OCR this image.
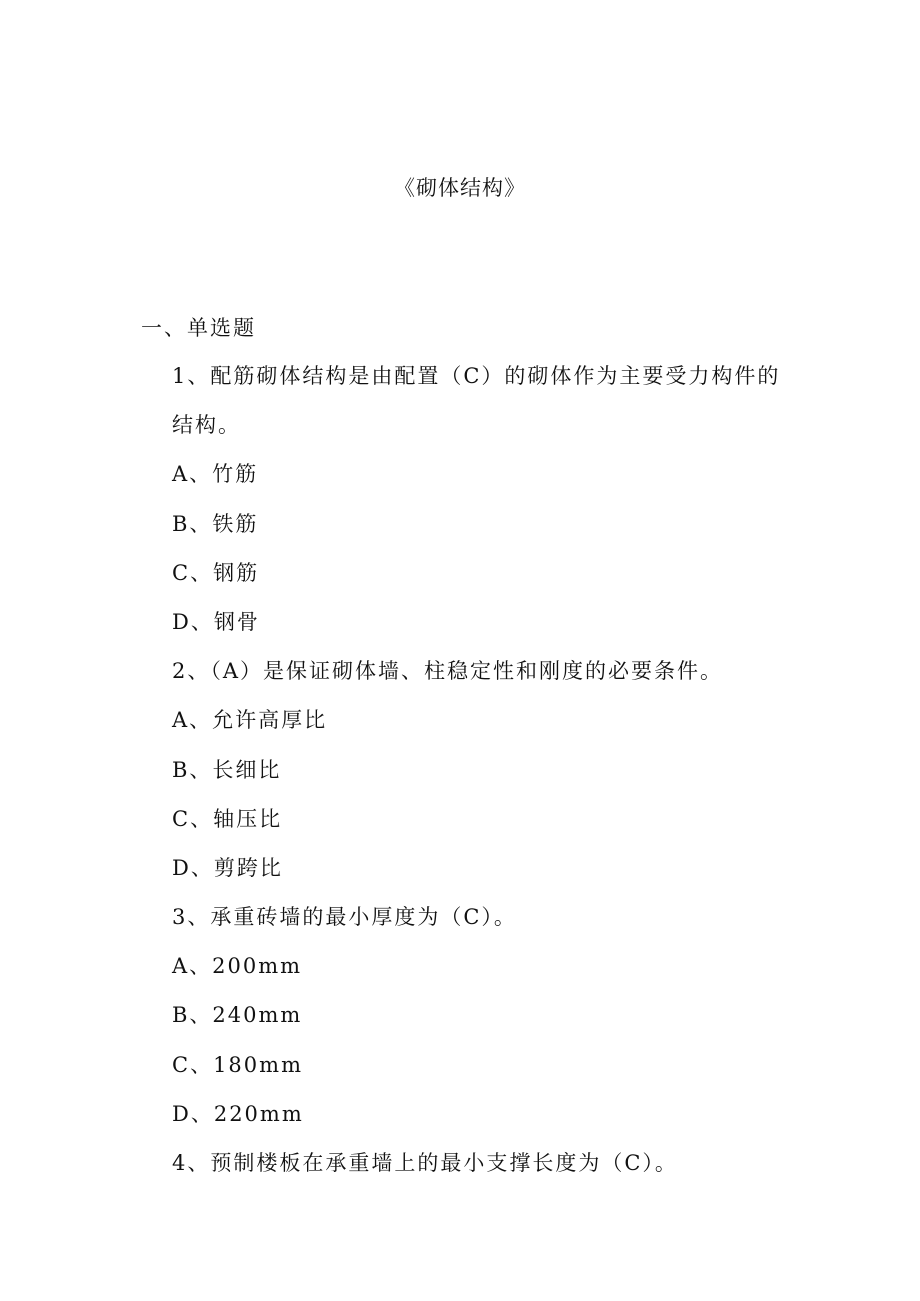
《砌体结构》
一、单选题
1、配筋砌体结构是由配置（C）的砌体作为主要受力构件的
结构。
A、竹筋
B、铁筋
C、钢筋
D、钢骨
2、（A）是保证砌体墙、柱稳定性和刚度的必要条件。
A、允许高厚比
B、长细比
C、轴压比
D、剪跨比
3、承重砖墙的最小厚度为（C）。
A、200mm
B、240mm
C、180mm
D、220mm
4、预制楼板在承重墙上的最小支撑长度为（C）。
